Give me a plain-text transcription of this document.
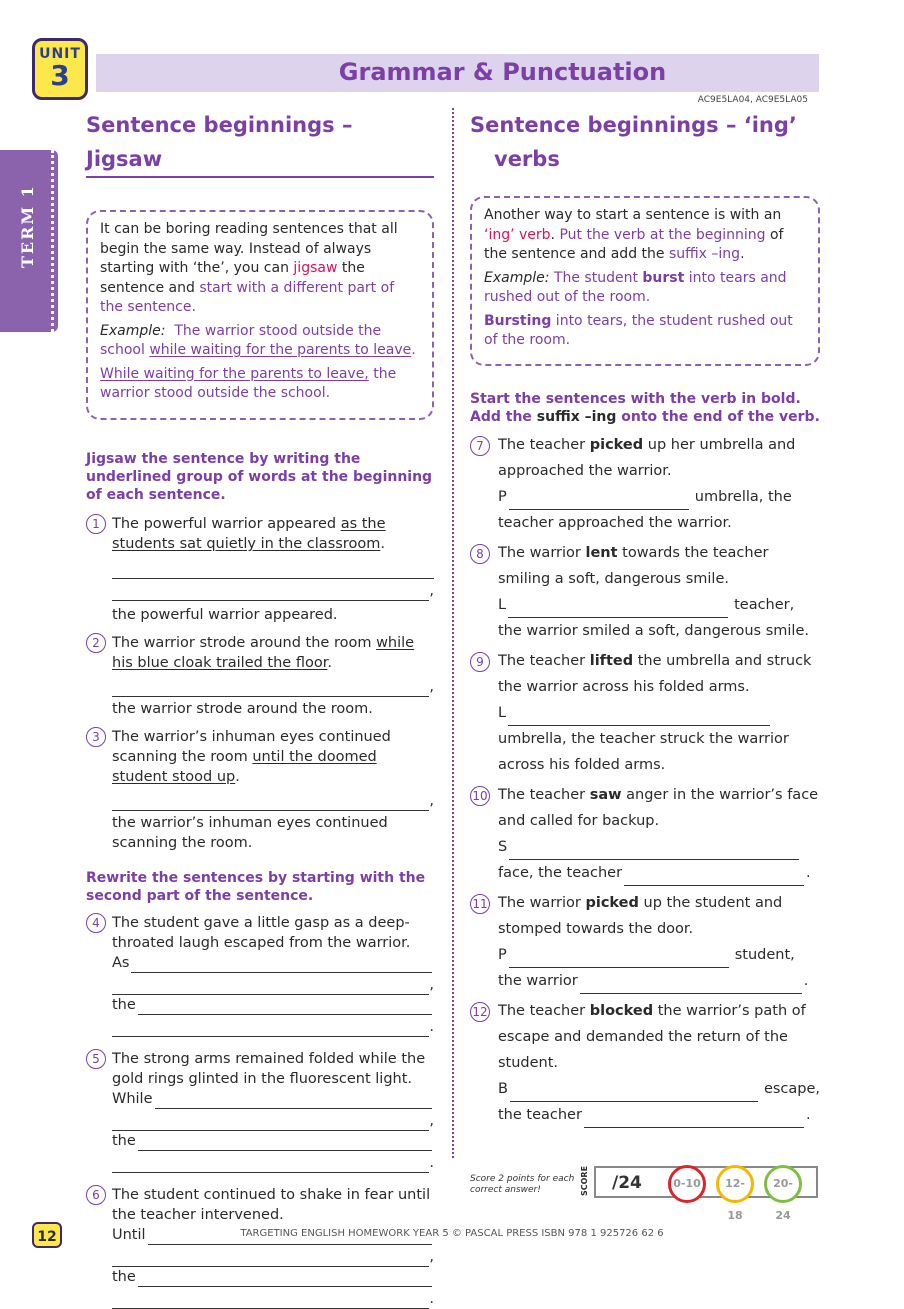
UNIT
3	Grammar & Punctuation
AC9E5LA04, AC9E5LA05
TERM 1
Sentence beginnings – Jigsaw

It can be boring reading sentences that all begin the same way. Instead of always starting with ‘the’, you can jigsaw the sentence and start with a different part of the sentence.

Example: The warrior stood outside the school while waiting for the parents to leave.

While waiting for the parents to leave, the warrior stood outside the school.

Jigsaw the sentence by writing the underlined group of words at the beginning of each sentence.
1 The powerful warrior appeared as the students sat quietly in the classroom.
,
the powerful warrior appeared.
2 The warrior strode around the room while his blue cloak trailed the floor.
,
the warrior strode around the room.
3 The warrior’s inhuman eyes continued scanning the room until the doomed student stood up.
,
the warrior’s inhuman eyes continued scanning the room.
Rewrite the sentences by starting with the second part of the sentence.
4 The student gave a little gasp as a deep-throated laugh escaped from the warrior.
As
,
the
.
5 The strong arms remained folded while the gold rings glinted in the fluorescent light.
While
,
the
.
6 The student continued to shake in fear until the teacher intervened.
Until
,
the
.
Sentence beginnings – ‘ing’
verbs

Another way to start a sentence is with an ‘ing’ verb. Put the verb at the beginning of the sentence and add the suffix –ing.

Example: The student burst into tears and rushed out of the room.

Bursting into tears, the student rushed out of the room.

Start the sentences with the verb in bold. Add the suffix –ing onto the end of the verb.
7 The teacher picked up her umbrella and approached the warrior.
P	umbrella, the
teacher approached the warrior.
8 The warrior lent towards the teacher smiling a soft, dangerous smile.
L	teacher,
the warrior smiled a soft, dangerous smile.
9 The teacher lifted the umbrella and struck the warrior across his folded arms.
L
umbrella, the teacher struck the warrior across his folded arms.
10 The teacher saw anger in the warrior’s face and called for backup.
S
face, the teacher	.
11 The warrior picked up the student and stomped towards the door.
P	student,
the warrior	.
12 The teacher blocked the warrior’s path of escape and demanded the return of the student.
B	escape,
the teacher	.
Score 2 points for each correct answer!	SCORE /24	0-10	12-18
20-24
12	TARGETING ENGLISH HOMEWORK YEAR 5 © PASCAL PRESS ISBN 978 1 925726 62 6
